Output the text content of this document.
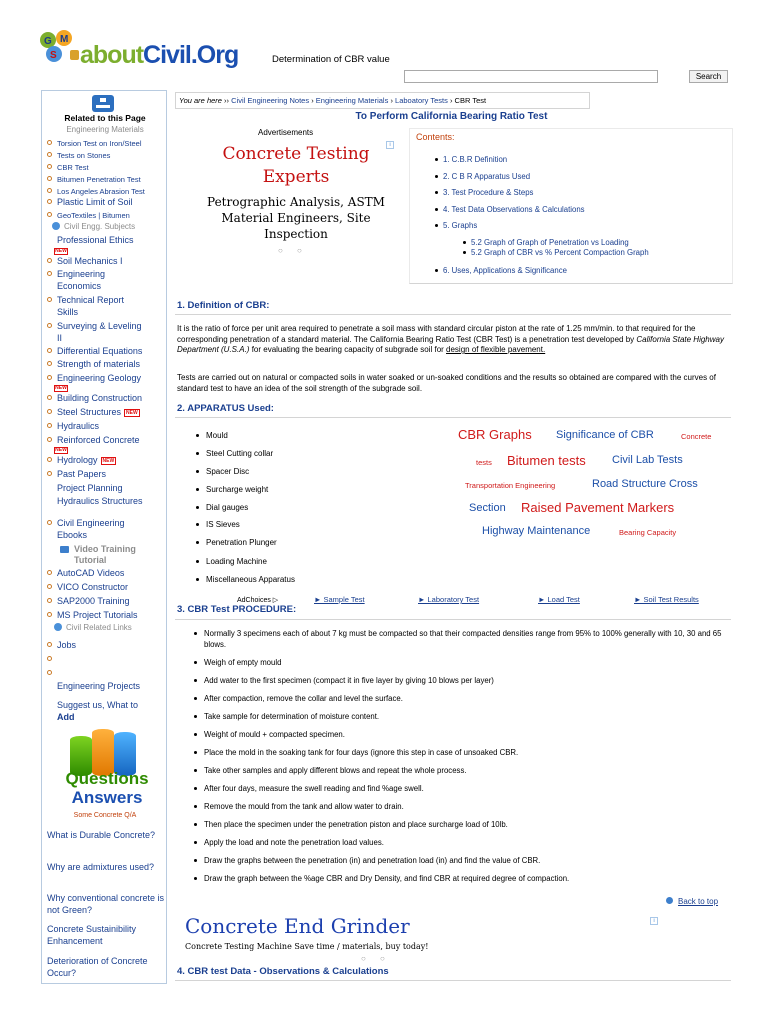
G M
S aboutCivil.Org	Determination of CBR value
Search
Related to this Page
Engineering Materials
Torsion Test on Iron/Steel
Tests on Stones
CBR Test
Bitumen Penetration Test
Los Angeles Abrasion Test
Plastic Limit of Soil
GeoTextiles | Bitumen
Civil Engg. Subjects
Professional Ethics
NEW
Soil Mechanics I
Engineering
Economics
Technical Report
Skills
Surveying & Leveling
II
Differential Equations
Strength of materials
Engineering Geology
NEW
Building Construction
Steel Structures NEW
Hydraulics
Reinforced Concrete
NEW
Hydrology NEW
Past Papers
Project Planning
Hydraulics Structures
Civil Engineering
Ebooks
Video Training Tutorial
AutoCAD Videos
VICO Constructor
SAP2000 Training
MS Project Tutorials
Civil Related Links
Jobs
Engineering Projects
Suggest us, What to
Add
Questions
Answers
Some Concrete Q/A
What is Durable Concrete?
Why are admixtures used?
Why conventional concrete is not Green?
Concrete Sustainibility Enhancement
Deterioration of Concrete Occur?
You are here ›› Civil Engineering Notes › Engineering Materials › Laboatory Tests › CBR Test
To Perform California Bearing Ratio Test
Advertisements
i
Concrete Testing Experts
Petrographic Analysis, ASTM Material Engineers, Site Inspection
○ ○
Contents:
1. C.B.R Definition
2. C B R Apparatus Used
3. Test Procedure & Steps
4. Test Data Observations & Calculations
5. Graphs
5.2 Graph of Graph of Penetration vs Loading
5.2 Graph of CBR vs % Percent Compaction Graph
6. Uses, Applications & Significance
1. Definition of CBR:
It is the ratio of force per unit area required to penetrate a soil mass with standard circular piston at the rate of 1.25 mm/min. to that required for the corresponding penetration of a standard material. The California Bearing Ratio Test (CBR Test) is a penetration test developed by California State Highway Department (U.S.A.) for evaluating the bearing capacity of subgrade soil for design of flexible pavement.
Tests are carried out on natural or compacted soils in water soaked or un-soaked conditions and the results so obtained are compared with the curves of standard test to have an idea of the soil strength of the subgrade soil.
2. APPARATUS Used:
Mould
Steel Cutting collar
Spacer Disc
Surcharge weight
Dial gauges
IS Sieves
Penetration Plunger
Loading Machine
Miscellaneous Apparatus
CBR Graphs Significance of CBR	Concrete
tests Bitumen tests Civil Lab Tests
Transportation Engineering	Road Structure Cross
Section Raised Pavement Markers
Highway Maintenance	Bearing Capacity
AdChoices ▷	► Sample Test	► Laboratory Test	► Load Test	► Soil Test Results
3. CBR Test PROCEDURE:
Normally 3 specimens each of about 7 kg must be compacted so that their compacted densities range from 95% to 100% generally with 10, 30 and 65 blows.
Weigh of empty mould
Add water to the first specimen (compact it in five layer by giving 10 blows per layer)
After compaction, remove the collar and level the surface.
Take sample for determination of moisture content.
Weight of mould + compacted specimen.
Place the mold in the soaking tank for four days (ignore this step in case of unsoaked CBR.
Take other samples and apply different blows and repeat the whole process.
After four days, measure the swell reading and find %age swell.
Remove the mould from the tank and allow water to drain.
Then place the specimen under the penetration piston and place surcharge load of 10lb.
Apply the load and note the penetration load values.
Draw the graphs between the penetration (in) and penetration load (in) and find the value of CBR.
Draw the graph between the %age CBR and Dry Density, and find CBR at required degree of compaction.
Back to top
Concrete End Grinder	i
Concrete Testing Machine Save time / materials, buy today!
○ ○
4. CBR test Data - Observations & Calculations
